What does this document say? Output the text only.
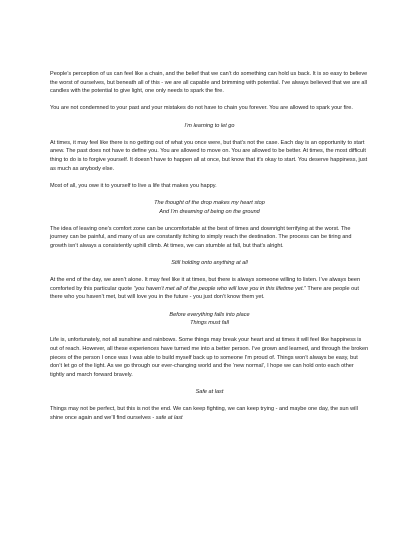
People’s perception of us can feel like a chain, and the belief that we can’t do something can hold us back. It is so easy to believe the worst of ourselves, but beneath all of this - we are all capable and brimming with potential. I’ve always believed that we are all candles with the potential to give light, one only needs to spark the fire.

You are not condemned to your past and your mistakes do not have to chain you forever. You are allowed to spark your fire.

I’m learning to let go

At times, it may feel like there is no getting out of what you once were, but that’s not the case. Each day is an opportunity to start anew. The past does not have to define you. You are allowed to move on. You are allowed to be better. At times, the most difficult thing to do is to forgive yourself. It doesn’t have to happen all at once, but know that it’s okay to start. You deserve happiness, just as much as anybody else.

Most of all, you owe it to yourself to live a life that makes you happy.

The thought of the drop makes my heart stop
And I’m dreaming of being on the ground

The idea of leaving one’s comfort zone can be uncomfortable at the best of times and downright terrifying at the worst. The journey can be painful, and many of us are constantly itching to simply reach the destination. The process can be tiring and growth isn’t always a consistently uphill climb. At times, we can stumble at fall, but that’s alright.

Still holding onto anything at all

At the end of the day, we aren’t alone. It may feel like it at times, but there is always someone willing to listen. I’ve always been comforted by this particular quote “you haven’t met all of the people who will love you in this lifetime yet.” There are people out there who you haven’t met, but will love you in the future - you just don’t know them yet.

Before everything falls into place
Things must fall

Life is, unfortunately, not all sunshine and rainbows. Some things may break your heart and at times it will feel like happiness is out of reach. However, all these experiences have turned me into a better person. I’ve grown and learned, and through the broken pieces of the person I once was I was able to build myself back up to someone I’m proud of. Things won’t always be easy, but don’t let go of the light. As we go through our ever-changing world and the ‘new normal’, I hope we can hold onto each other tightly and march forward bravely.

Safe at last

Things may not be perfect, but this is not the end. We can keep fighting, we can keep trying - and maybe one day, the sun will shine once again and we’ll find ourselves - safe at last
